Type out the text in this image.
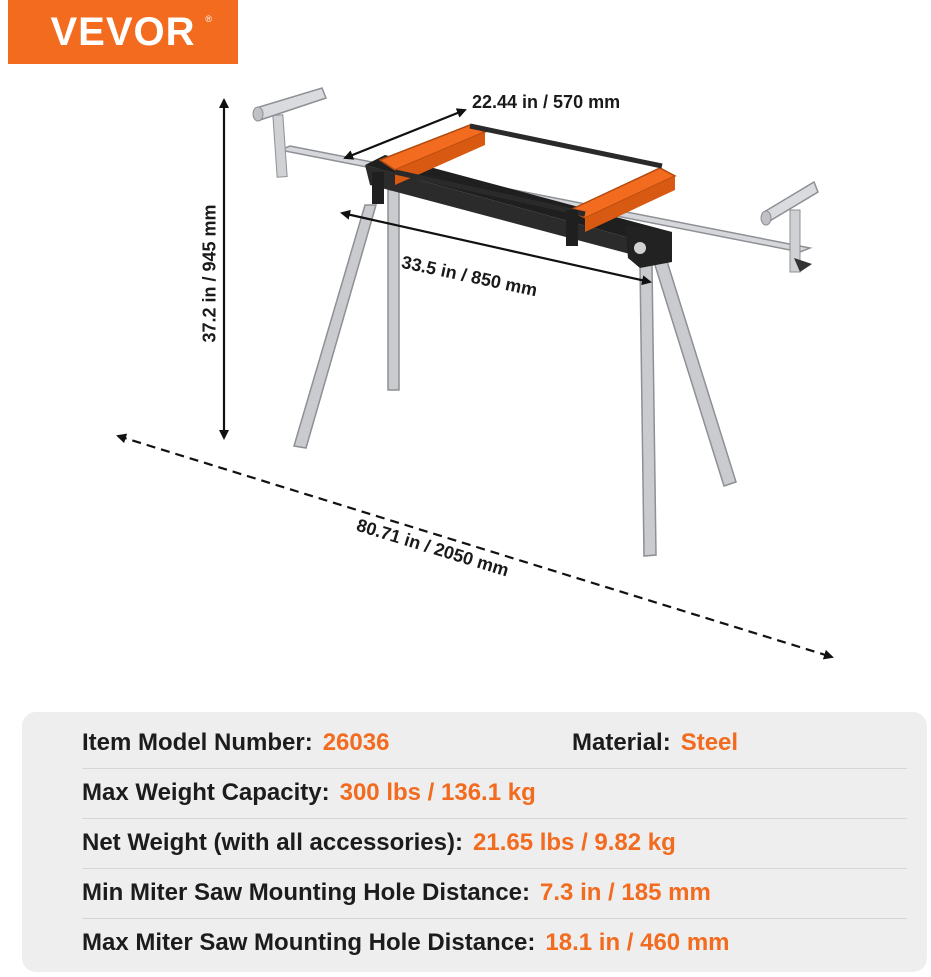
VEVOR ®
22.44 in / 570 mm
33.5 in / 850 mm
37.2 in / 945 mm
80.71 in / 2050 mm
Item Model Number: 26036	Material: Steel
Max Weight Capacity: 300 lbs / 136.1 kg
Net Weight (with all accessories): 21.65 lbs / 9.82 kg
Min Miter Saw Mounting Hole Distance: 7.3 in / 185 mm
Max Miter Saw Mounting Hole Distance: 18.1 in / 460 mm
